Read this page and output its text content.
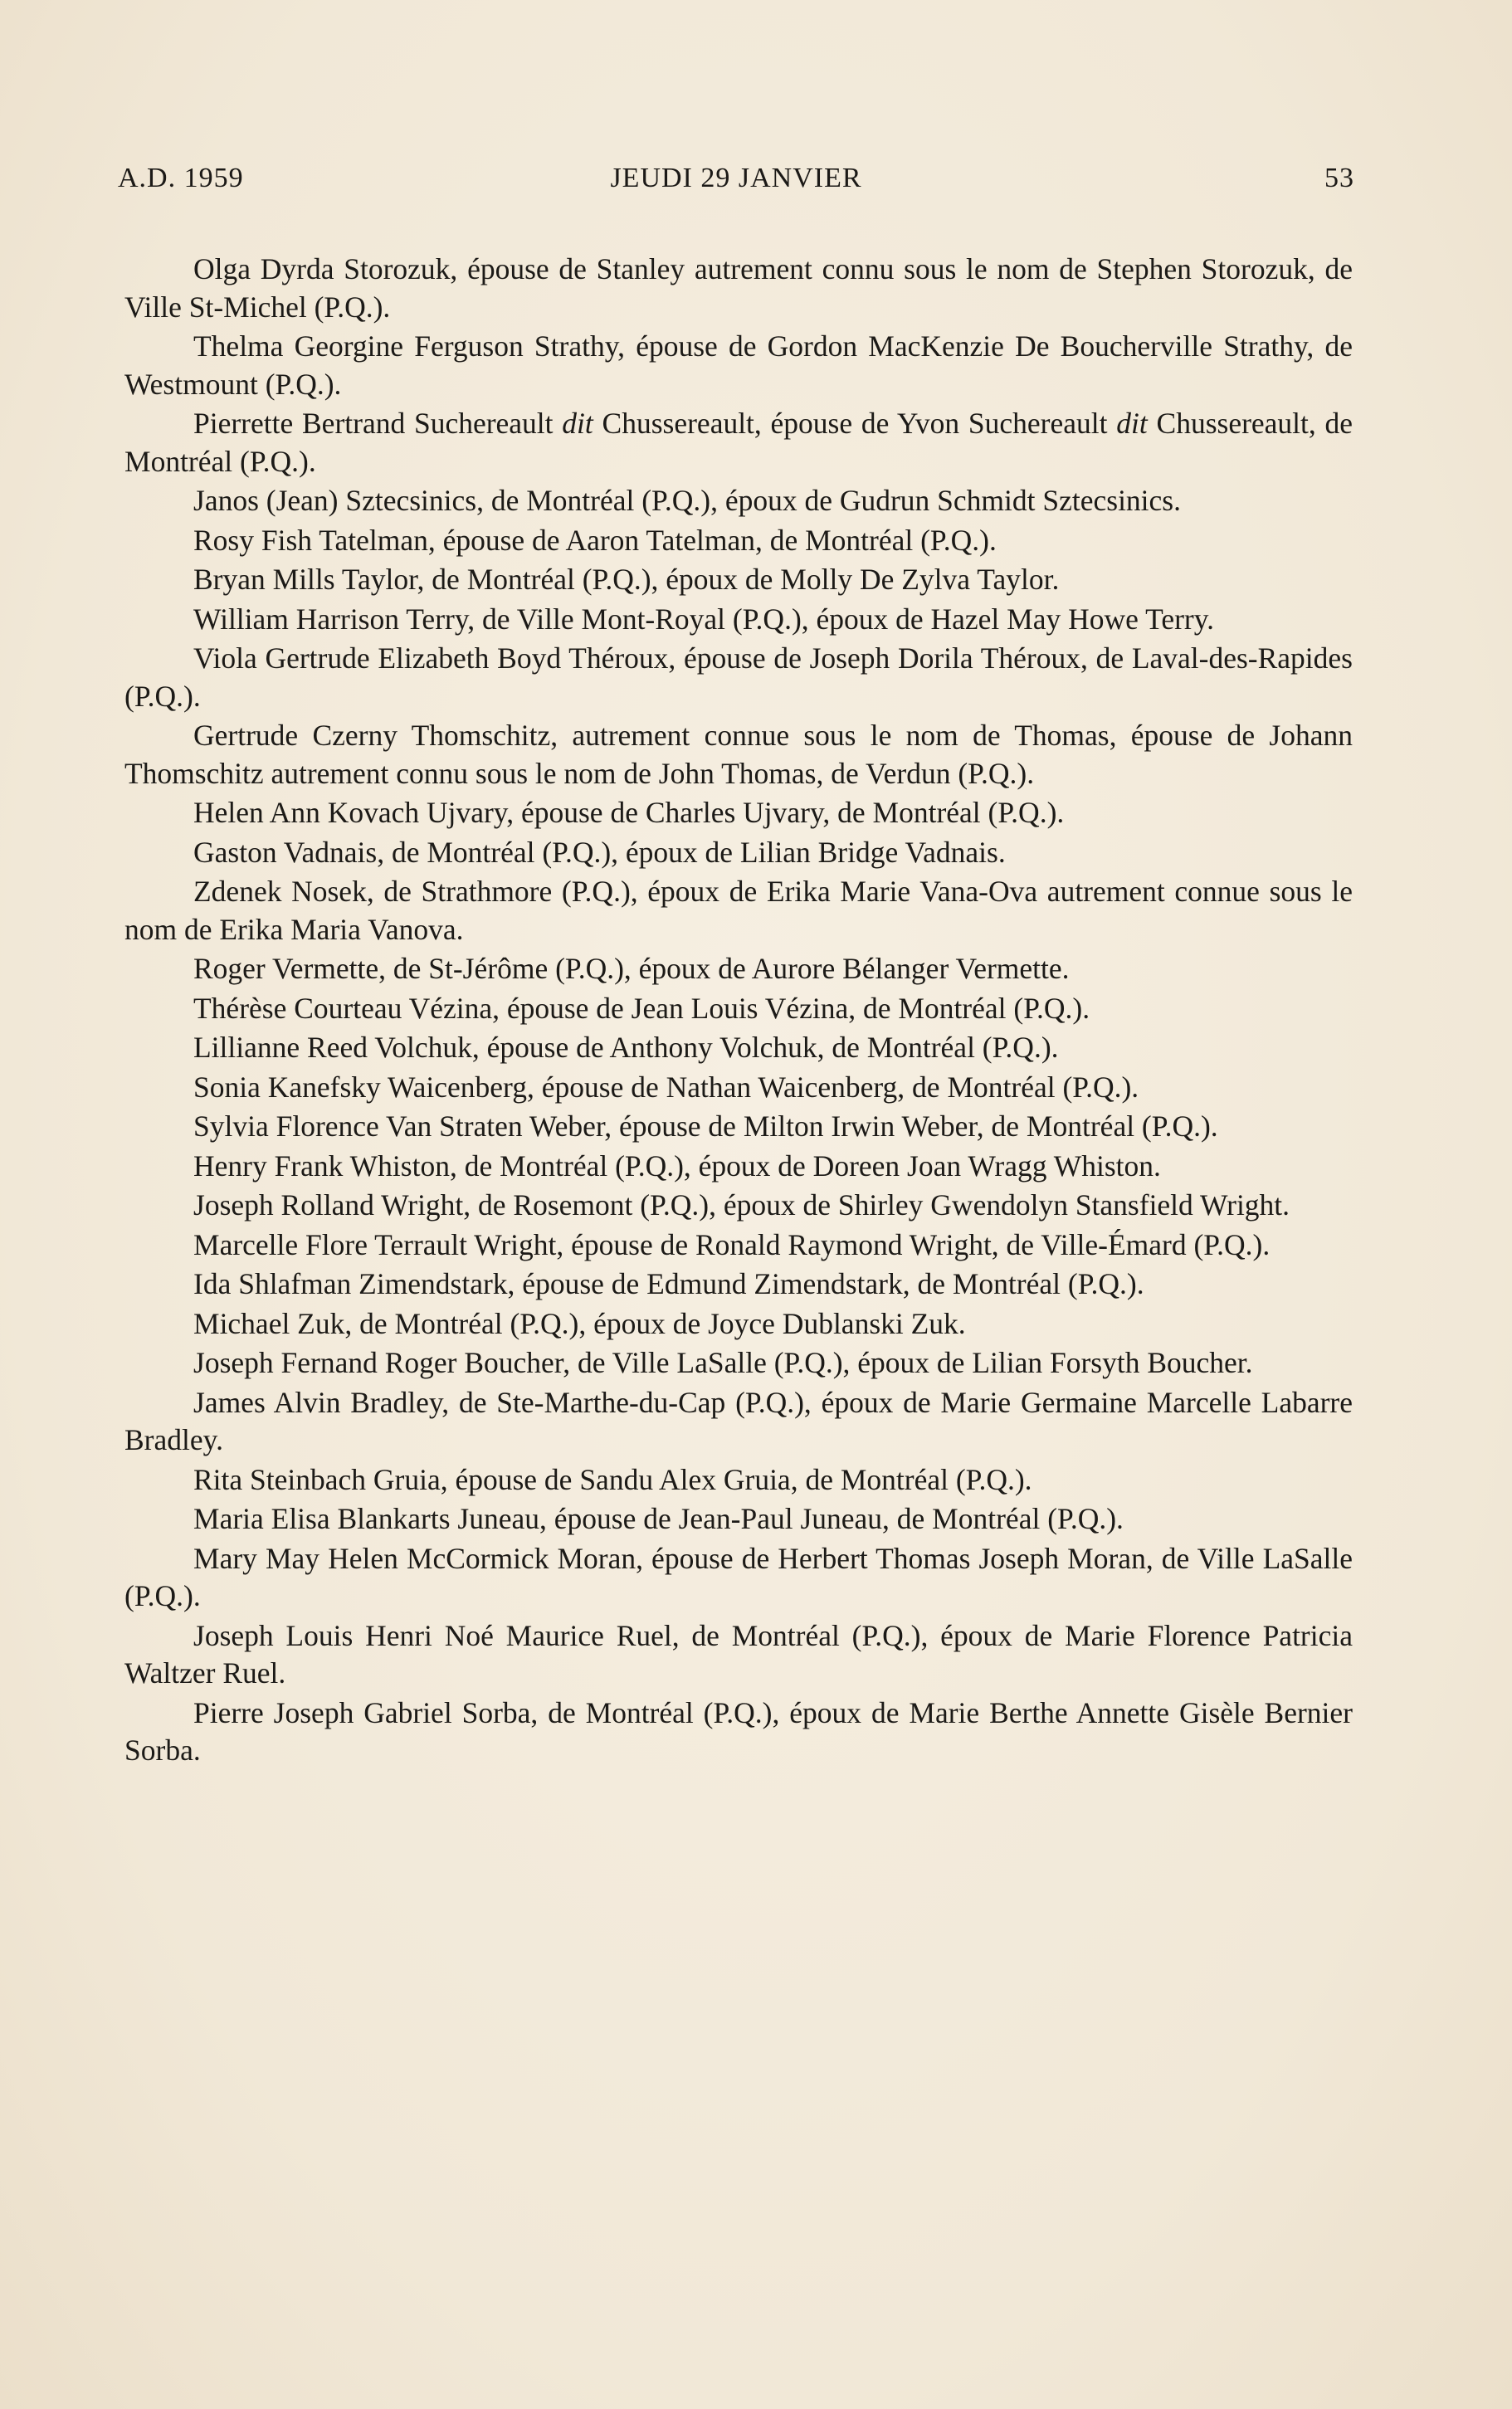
A.D. 1959	JEUDI 29 JANVIER	53

Olga Dyrda Storozuk, épouse de Stanley autrement connu sous le nom de Stephen Storozuk, de Ville St-Michel (P.Q.).

Thelma Georgine Ferguson Strathy, épouse de Gordon MacKenzie De Boucherville Strathy, de Westmount (P.Q.).

Pierrette Bertrand Suchereault dit Chussereault, épouse de Yvon Suchereault dit Chussereault, de Montréal (P.Q.).

Janos (Jean) Sztecsinics, de Montréal (P.Q.), époux de Gudrun Schmidt Sztecsinics.

Rosy Fish Tatelman, épouse de Aaron Tatelman, de Montréal (P.Q.).

Bryan Mills Taylor, de Montréal (P.Q.), époux de Molly De Zylva Taylor.

William Harrison Terry, de Ville Mont-Royal (P.Q.), époux de Hazel May Howe Terry.

Viola Gertrude Elizabeth Boyd Théroux, épouse de Joseph Dorila Théroux, de Laval-des-Rapides (P.Q.).

Gertrude Czerny Thomschitz, autrement connue sous le nom de Thomas, épouse de Johann Thomschitz autrement connu sous le nom de John Thomas, de Verdun (P.Q.).

Helen Ann Kovach Ujvary, épouse de Charles Ujvary, de Montréal (P.Q.).

Gaston Vadnais, de Montréal (P.Q.), époux de Lilian Bridge Vadnais.

Zdenek Nosek, de Strathmore (P.Q.), époux de Erika Marie Vana-Ova autrement connue sous le nom de Erika Maria Vanova.

Roger Vermette, de St-Jérôme (P.Q.), époux de Aurore Bélanger Vermette.

Thérèse Courteau Vézina, épouse de Jean Louis Vézina, de Montréal (P.Q.).

Lillianne Reed Volchuk, épouse de Anthony Volchuk, de Montréal (P.Q.).

Sonia Kanefsky Waicenberg, épouse de Nathan Waicenberg, de Montréal (P.Q.).

Sylvia Florence Van Straten Weber, épouse de Milton Irwin Weber, de Montréal (P.Q.).

Henry Frank Whiston, de Montréal (P.Q.), époux de Doreen Joan Wragg Whiston.

Joseph Rolland Wright, de Rosemont (P.Q.), époux de Shirley Gwendolyn Stansfield Wright.

Marcelle Flore Terrault Wright, épouse de Ronald Raymond Wright, de Ville-Émard (P.Q.).

Ida Shlafman Zimendstark, épouse de Edmund Zimendstark, de Montréal (P.Q.).

Michael Zuk, de Montréal (P.Q.), époux de Joyce Dublanski Zuk.

Joseph Fernand Roger Boucher, de Ville LaSalle (P.Q.), époux de Lilian Forsyth Boucher.

James Alvin Bradley, de Ste-Marthe-du-Cap (P.Q.), époux de Marie Germaine Marcelle Labarre Bradley.

Rita Steinbach Gruia, épouse de Sandu Alex Gruia, de Montréal (P.Q.).

Maria Elisa Blankarts Juneau, épouse de Jean-Paul Juneau, de Montréal (P.Q.).

Mary May Helen McCormick Moran, épouse de Herbert Thomas Joseph Moran, de Ville LaSalle (P.Q.).

Joseph Louis Henri Noé Maurice Ruel, de Montréal (P.Q.), époux de Marie Florence Patricia Waltzer Ruel.

Pierre Joseph Gabriel Sorba, de Montréal (P.Q.), époux de Marie Berthe Annette Gisèle Bernier Sorba.
